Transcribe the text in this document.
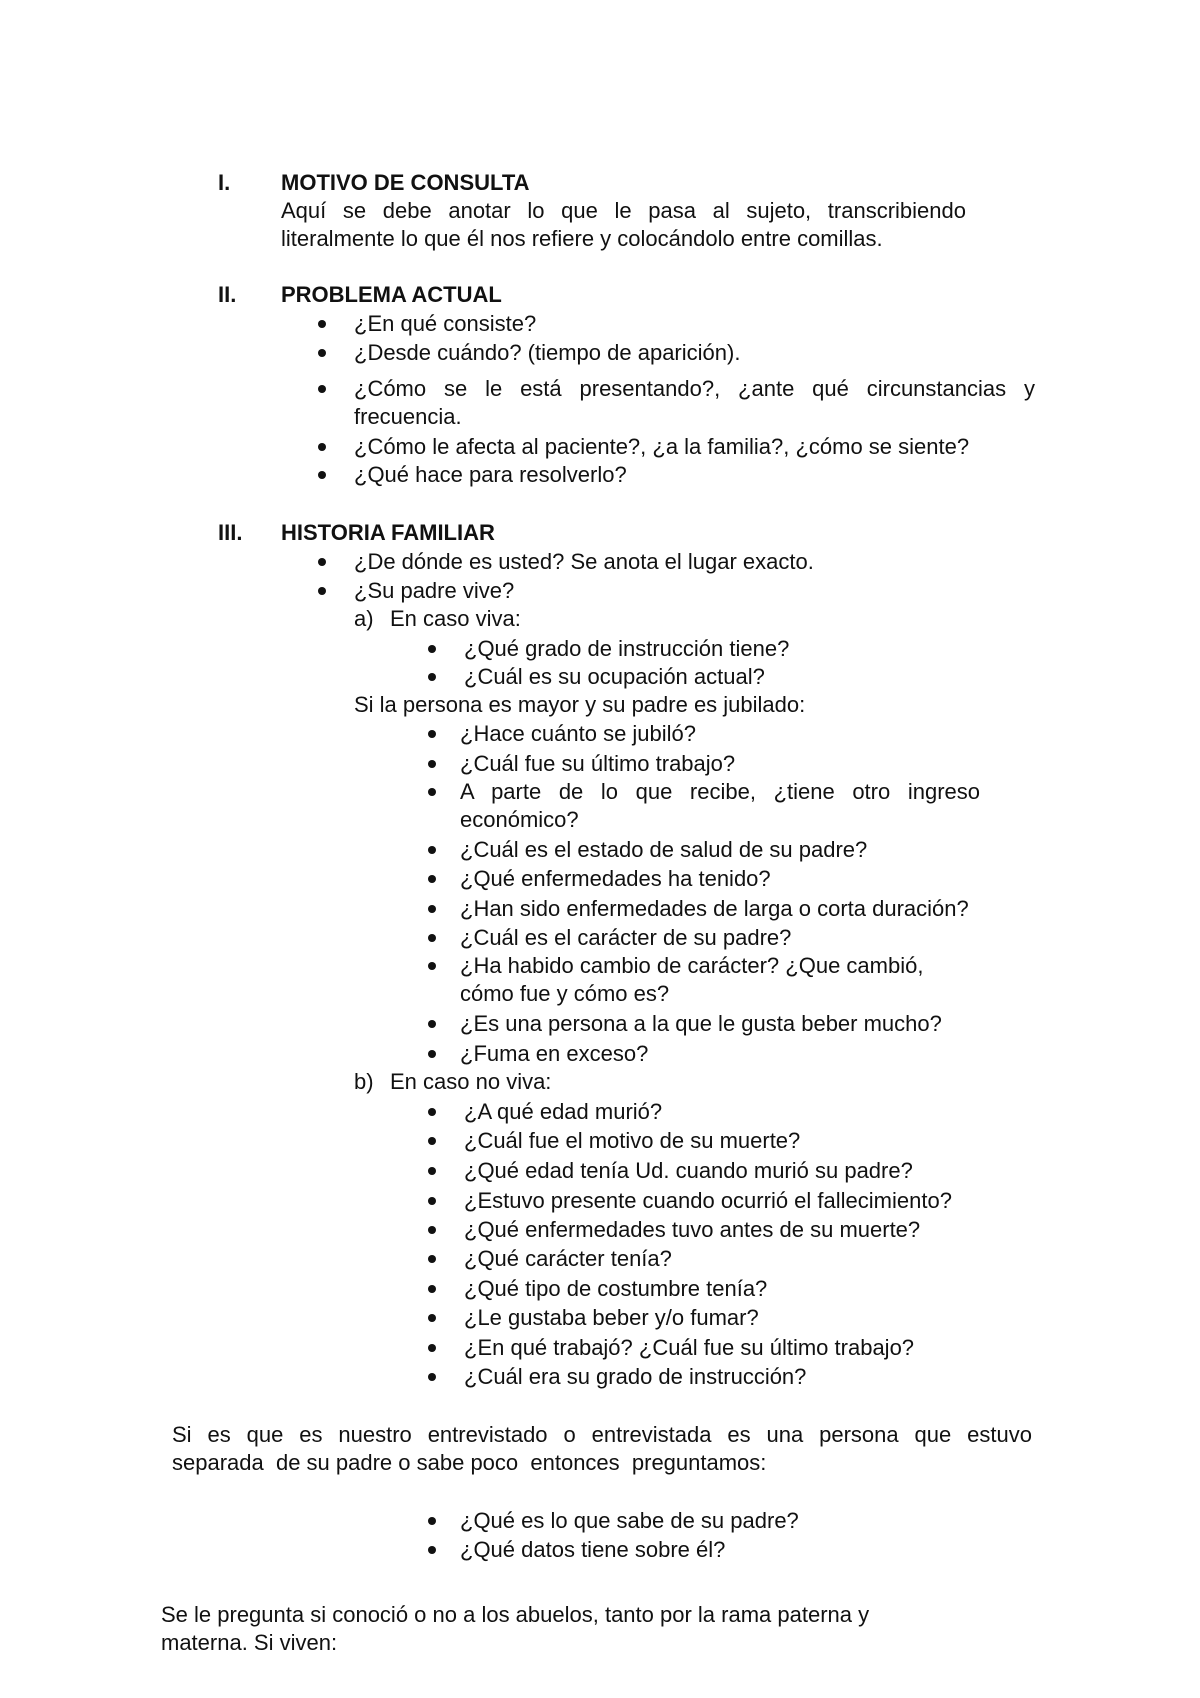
I. MOTIVO DE CONSULTA
Aquí se debe anotar lo que le pasa al sujeto, transcribiendo
literalmente lo que él nos refiere y colocándolo entre comillas.
II. PROBLEMA ACTUAL
¿En qué consiste?
¿Desde cuándo? (tiempo de aparición).
¿Cómo se le está presentando?, ¿ante qué circunstancias y
frecuencia.
¿Cómo le afecta al paciente?, ¿a la familia?, ¿cómo se siente?
¿Qué hace para resolverlo?
III. HISTORIA FAMILIAR
¿De dónde es usted? Se anota el lugar exacto.
¿Su padre vive?
a) En caso viva:
¿Qué grado de instrucción tiene?
¿Cuál es su ocupación actual?
Si la persona es mayor y su padre es jubilado:
¿Hace cuánto se jubiló?
¿Cuál fue su último trabajo?
A parte de lo que recibe, ¿tiene otro ingreso
económico?
¿Cuál es el estado de salud de su padre?
¿Qué enfermedades ha tenido?
¿Han sido enfermedades de larga o corta duración?
¿Cuál es el carácter de su padre?
¿Ha habido cambio de carácter? ¿Que cambió,
cómo fue y cómo es?
¿Es una persona a la que le gusta beber mucho?
¿Fuma en exceso?
b) En caso no viva:
¿A qué edad murió?
¿Cuál fue el motivo de su muerte?
¿Qué edad tenía Ud. cuando murió su padre?
¿Estuvo presente cuando ocurrió el fallecimiento?
¿Qué enfermedades tuvo antes de su muerte?
¿Qué carácter tenía?
¿Qué tipo de costumbre tenía?
¿Le gustaba beber y/o fumar?
¿En qué trabajó? ¿Cuál fue su último trabajo?
¿Cuál era su grado de instrucción?
Si es que es nuestro entrevistado o entrevistada es una persona que estuvo
separada  de su padre o sabe poco  entonces  preguntamos:
¿Qué es lo que sabe de su padre?
¿Qué datos tiene sobre él?
Se le pregunta si conoció o no a los abuelos, tanto por la rama paterna y
materna. Si viven:
